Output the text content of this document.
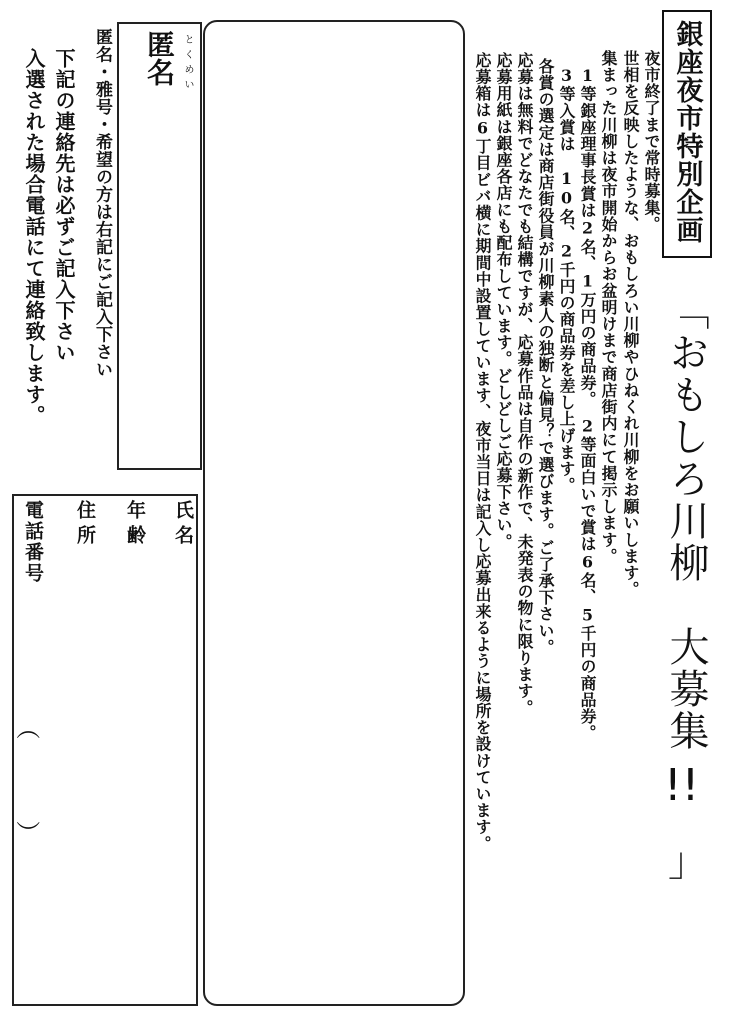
銀座夜市特別企画
「おもしろ川柳　大募集
!!
」
夜市終了まで常時募集。
世相を反映したような、おもしろい川柳やひねくれ川柳をお願いします。
集まった川柳は夜市開始からお盆明けまで商店街内にて掲示します。
1等銀座理事長賞は2名、1万円の商品券。　2等面白いで賞は6名、5千円の商品券。
3等入賞は　10名、2千円の商品券を差し上げます。
各賞の選定は商店街役員が川柳素人の独断と偏見？で選びます。ご了承下さい。
応募は無料でどなたでも結構ですが、応募作品は自作の新作で、未発表の物に限ります。
応募用紙は銀座各店にも配布しています。どしどしご応募下さい。
応募箱は6丁目ビバ横に期間中設置しています、夜市当日は記入し応募出来るように場所を設けています。
匿名 とくめい
匿名・雅号・希望の方は右記にご記入下さい
下記の連絡先は必ずご記入下さい
入選された場合電話にて連絡致します。
氏名
年齢
住所
電話番号
（
）
